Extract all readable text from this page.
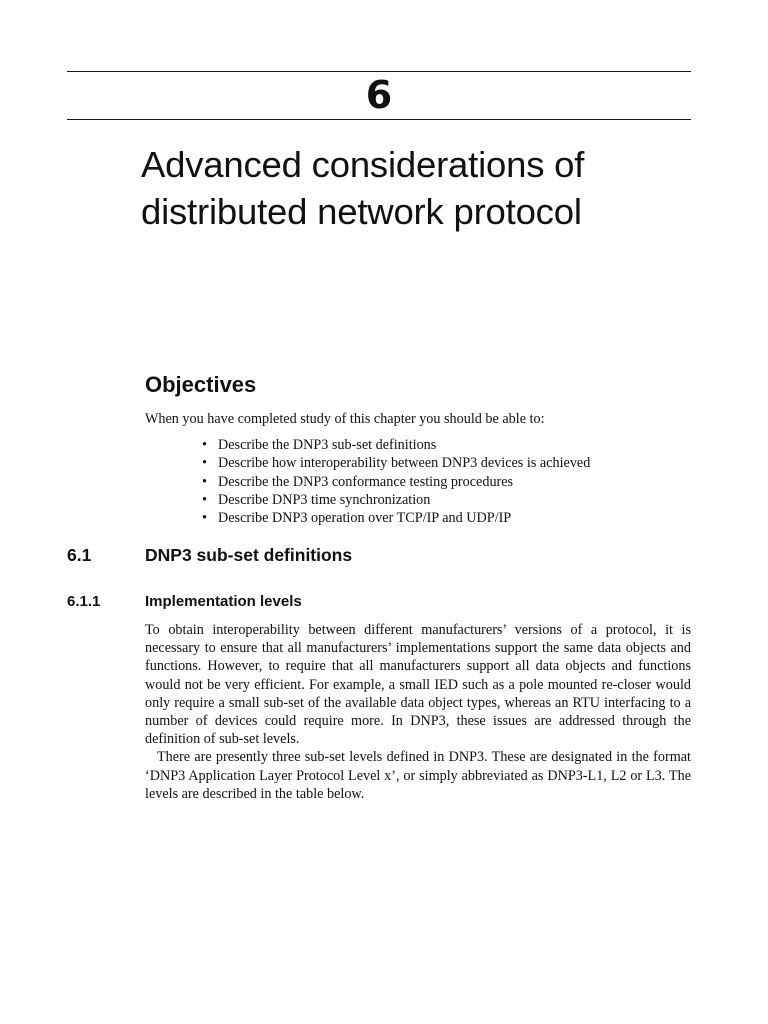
6
Advanced considerations of
distributed network protocol
Objectives

When you have completed study of this chapter you should be able to:

• Describe the DNP3 sub-set definitions
• Describe how interoperability between DNP3 devices is achieved
• Describe the DNP3 conformance testing procedures
• Describe DNP3 time synchronization
• Describe DNP3 operation over TCP/IP and UDP/IP
6.1	DNP3 sub-set definitions
6.1.1	Implementation levels

To obtain interoperability between different manufacturers’ versions of a protocol, it is necessary to ensure that all manufacturers’ implementations support the same data objects and functions. However, to require that all manufacturers support all data objects and functions would not be very efficient. For example, a small IED such as a pole mounted re-closer would only require a small sub-set of the available data object types, whereas an RTU interfacing to a number of devices could require more. In DNP3, these issues are addressed through the definition of sub-set levels.

There are presently three sub-set levels defined in DNP3. These are designated in the format ‘DNP3 Application Layer Protocol Level x’, or simply abbreviated as DNP3-L1, L2 or L3. The levels are described in the table below.
